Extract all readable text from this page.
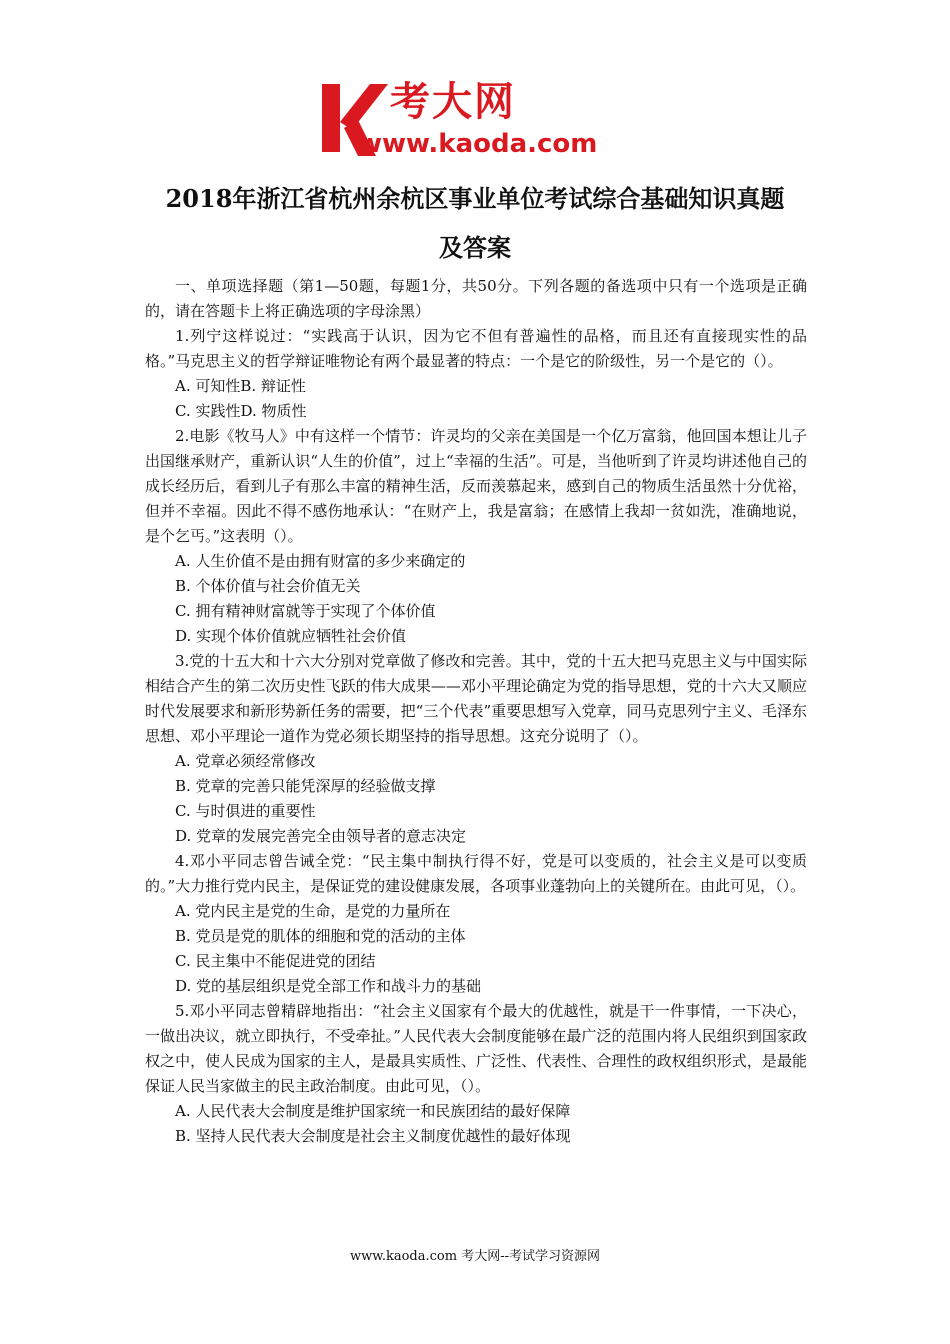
考大网
www.kaoda.com
2018年浙江省杭州余杭区事业单位考试综合基础知识真题
及答案

一、单项选择题（第1—50题，每题1分，共50分。下列各题的备选项中只有一个选项是正确的，请在答题卡上将正确选项的字母涂黑）

1.列宁这样说过：“实践高于认识，因为它不但有普遍性的品格，而且还有直接现实性的品格。”马克思主义的哲学辩证唯物论有两个最显著的特点：一个是它的阶级性，另一个是它的（）。

A. 可知性B. 辩证性

C. 实践性D. 物质性

2.电影《牧马人》中有这样一个情节：许灵均的父亲在美国是一个亿万富翁，他回国本想让儿子出国继承财产，重新认识“人生的价值”，过上“幸福的生活”。可是，当他听到了许灵均讲述他自己的成长经历后，看到儿子有那么丰富的精神生活，反而羡慕起来，感到自己的物质生活虽然十分优裕，但并不幸福。因此不得不感伤地承认：“在财产上，我是富翁；在感情上我却一贫如洗，准确地说，是个乞丐。”这表明（）。

A. 人生价值不是由拥有财富的多少来确定的

B. 个体价值与社会价值无关

C. 拥有精神财富就等于实现了个体价值

D. 实现个体价值就应牺牲社会价值

3.党的十五大和十六大分别对党章做了修改和完善。其中，党的十五大把马克思主义与中国实际相结合产生的第二次历史性飞跃的伟大成果——邓小平理论确定为党的指导思想，党的十六大又顺应时代发展要求和新形势新任务的需要，把“三个代表”重要思想写入党章，同马克思列宁主义、毛泽东思想、邓小平理论一道作为党必须长期坚持的指导思想。这充分说明了（）。

A. 党章必须经常修改

B. 党章的完善只能凭深厚的经验做支撑

C. 与时俱进的重要性

D. 党章的发展完善完全由领导者的意志决定

4.邓小平同志曾告诫全党：“民主集中制执行得不好，党是可以变质的，社会主义是可以变质的。”大力推行党内民主，是保证党的建设健康发展，各项事业蓬勃向上的关键所在。由此可见，（）。

A. 党内民主是党的生命，是党的力量所在

B. 党员是党的肌体的细胞和党的活动的主体

C. 民主集中不能促进党的团结

D. 党的基层组织是党全部工作和战斗力的基础

5.邓小平同志曾精辟地指出：“社会主义国家有个最大的优越性，就是干一件事情，一下决心，一做出决议，就立即执行，不受牵扯。”人民代表大会制度能够在最广泛的范围内将人民组织到国家政权之中，使人民成为国家的主人，是最具实质性、广泛性、代表性、合理性的政权组织形式，是最能保证人民当家做主的民主政治制度。由此可见，（）。

A. 人民代表大会制度是维护国家统一和民族团结的最好保障

B. 坚持人民代表大会制度是社会主义制度优越性的最好体现

www.kaoda.com 考大网--考试学习资源网
